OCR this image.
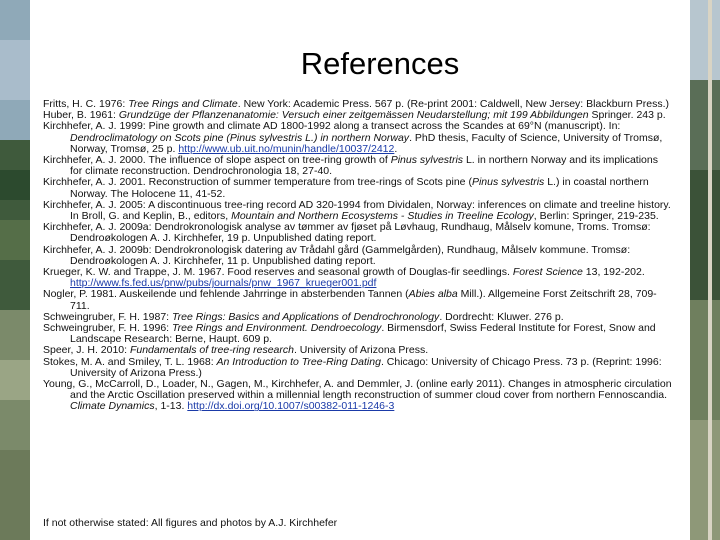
References
Fritts, H. C. 1976: Tree Rings and Climate. New York: Academic Press. 567 p. (Re-print 2001: Caldwell, New Jersey: Blackburn Press.)
Huber, B. 1961: Grundzüge der Pflanzenanatomie: Versuch einer zeitgemässen Neudarstellung; mit 199 Abbildungen Springer. 243 p.
Kirchhefer, A. J. 1999: Pine growth and climate AD 1800-1992 along a transect across the Scandes at 69°N (manuscript). In: Dendroclimatology on Scots pine (Pinus sylvestris L.) in northern Norway. PhD thesis, Faculty of Science, University of Tromsø, Norway, Tromsø, 25 p. http://www.ub.uit.no/munin/handle/10037/2412.
Kirchhefer, A. J. 2000. The influence of slope aspect on tree-ring growth of Pinus sylvestris L. in northern Norway and its implications for climate reconstruction. Dendrochronologia 18, 27-40.
Kirchhefer, A. J. 2001. Reconstruction of summer temperature from tree-rings of Scots pine (Pinus sylvestris L.) in coastal northern Norway. The Holocene 11, 41-52.
Kirchhefer, A. J. 2005: A discontinuous tree-ring record AD 320-1994 from Dividalen, Norway: inferences on climate and treeline history. In Broll, G. and Keplin, B., editors, Mountain and Northern Ecosystems - Studies in Treeline Ecology, Berlin: Springer, 219-235.
Kirchhefer, A. J. 2009a: Dendrokronologisk analyse av tømmer av fjøset på Løvhaug, Rundhaug, Målselv komune, Troms. Tromsø: Dendroøkologen A. J. Kirchhefer, 19 p. Unpublished dating report.
Kirchhefer, A. J. 2009b: Dendrokronologisk datering av Trådahl gård (Gammelgården), Rundhaug, Målselv kommune. Tromsø: Dendroøkologen A. J. Kirchhefer, 11 p. Unpublished dating report.
Krueger, K. W. and Trappe, J. M. 1967. Food reserves and seasonal growth of Douglas-fir seedlings. Forest Science 13, 192-202. http://www.fs.fed.us/pnw/pubs/journals/pnw_1967_krueger001.pdf
Nogler, P. 1981. Auskeilende und fehlende Jahrringe in absterbenden Tannen (Abies alba Mill.). Allgemeine Forst Zeitschrift 28, 709-711.
Schweingruber, F. H. 1987: Tree Rings: Basics and Applications of Dendrochronology. Dordrecht: Kluwer. 276 p.
Schweingruber, F. H. 1996: Tree Rings and Environment. Dendroecology. Birmensdorf, Swiss Federal Institute for Forest, Snow and Landscape Research: Berne, Haupt. 609 p.
Speer, J. H. 2010: Fundamentals of tree-ring research. University of Arizona Press.
Stokes, M. A. and Smiley, T. L. 1968: An Introduction to Tree-Ring Dating. Chicago: University of Chicago Press. 73 p. (Reprint: 1996: University of Arizona Press.)
Young, G., McCarroll, D., Loader, N., Gagen, M., Kirchhefer, A. and Demmler, J. (online early 2011). Changes in atmospheric circulation and the Arctic Oscillation preserved within a millennial length reconstruction of summer cloud cover from northern Fennoscandia. Climate Dynamics, 1-13. http://dx.doi.org/10.1007/s00382-011-1246-3
If not otherwise stated: All figures and photos by A.J. Kirchhefer
